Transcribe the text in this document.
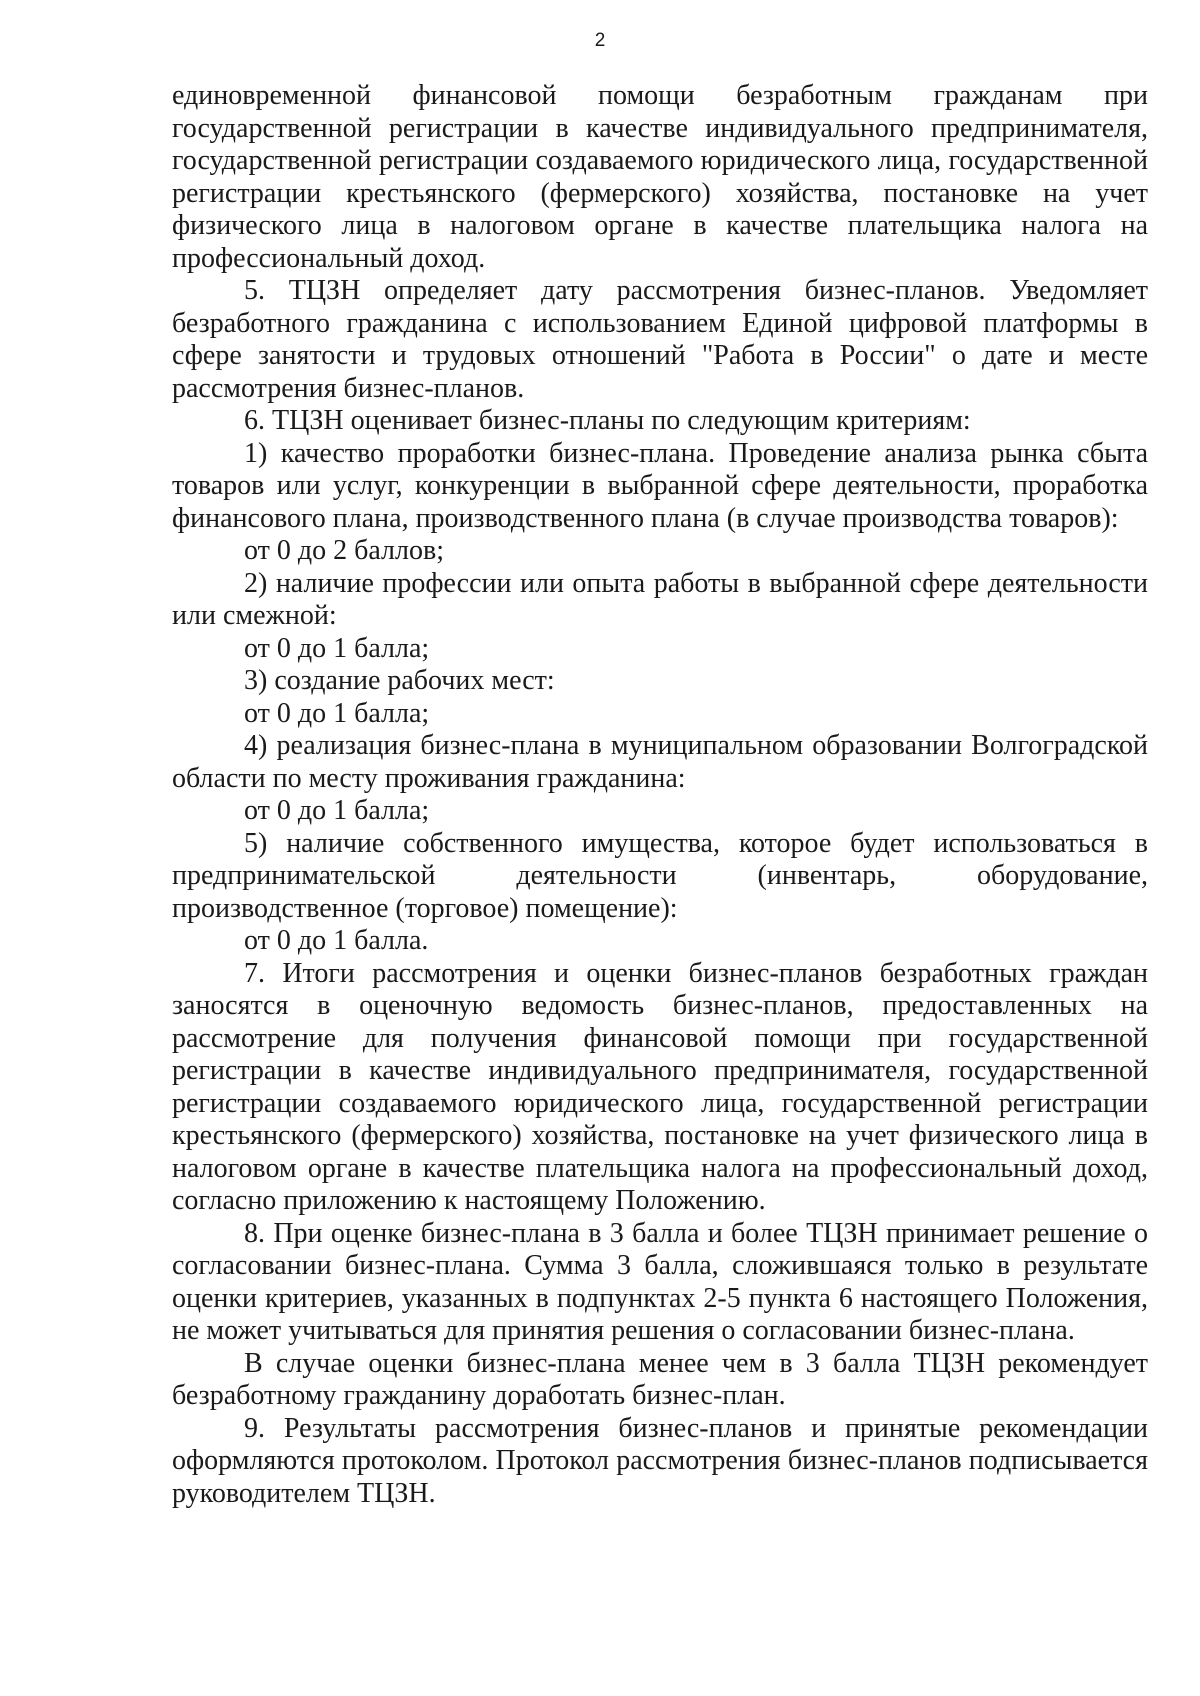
2

единовременной финансовой помощи безработным гражданам при государственной регистрации в качестве индивидуального предпринимателя, государственной регистрации создаваемого юридического лица, государственной регистрации крестьянского (фермерского) хозяйства, постановке на учет физического лица в налоговом органе в качестве плательщика налога на профессиональный доход.

5. ТЦЗН определяет дату рассмотрения бизнес-планов. Уведомляет безработного гражданина с использованием Единой цифровой платформы в сфере занятости и трудовых отношений "Работа в России" о дате и месте рассмотрения бизнес-планов.

6. ТЦЗН оценивает бизнес-планы по следующим критериям:

1) качество проработки бизнес-плана. Проведение анализа рынка сбыта товаров или услуг, конкуренции в выбранной сфере деятельности, проработка финансового плана, производственного плана (в случае производства товаров):

от 0 до 2 баллов;

2) наличие профессии или опыта работы в выбранной сфере деятельности или смежной:

от 0 до 1 балла;

3) создание рабочих мест:

от 0 до 1 балла;

4) реализация бизнес-плана в муниципальном образовании Волгоградской области по месту проживания гражданина:

от 0 до 1 балла;

5) наличие собственного имущества, которое будет использоваться в предпринимательской деятельности (инвентарь, оборудование, производственное (торговое) помещение):

от 0 до 1 балла.

7. Итоги рассмотрения и оценки бизнес-планов безработных граждан заносятся в оценочную ведомость бизнес-планов, предоставленных на рассмотрение для получения финансовой помощи при государственной регистрации в качестве индивидуального предпринимателя, государственной регистрации создаваемого юридического лица, государственной регистрации крестьянского (фермерского) хозяйства, постановке на учет физического лица в налоговом органе в качестве плательщика налога на профессиональный доход, согласно приложению к настоящему Положению.

8. При оценке бизнес-плана в 3 балла и более ТЦЗН принимает решение о согласовании бизнес-плана. Сумма 3 балла, сложившаяся только в результате оценки критериев, указанных в подпунктах 2-5 пункта 6 настоящего Положения, не может учитываться для принятия решения о согласовании бизнес-плана.

В случае оценки бизнес-плана менее чем в 3 балла ТЦЗН рекомендует безработному гражданину доработать бизнес-план.

9. Результаты рассмотрения бизнес-планов и принятые рекомендации оформляются протоколом. Протокол рассмотрения бизнес-планов подписывается руководителем ТЦЗН.
